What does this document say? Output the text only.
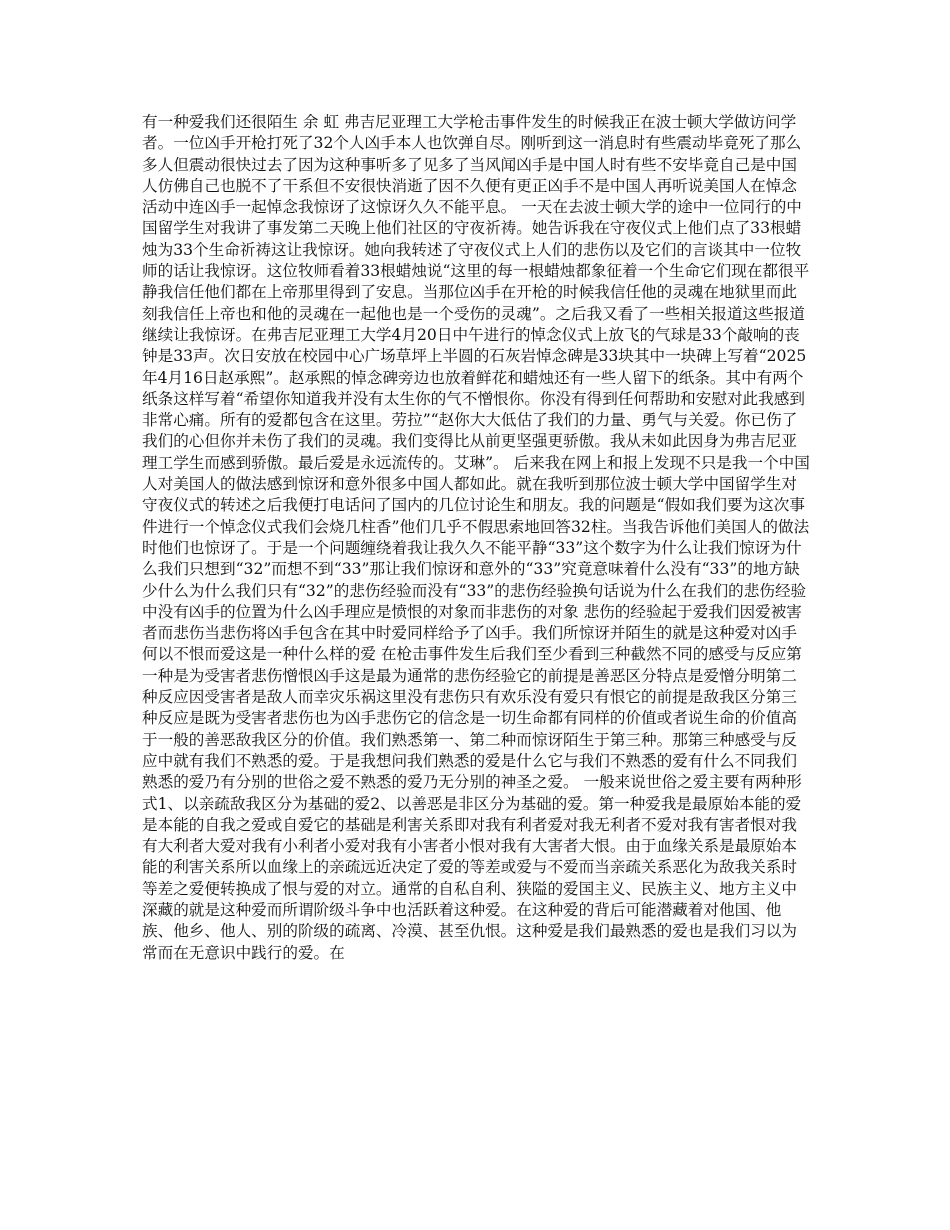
有一种爱我们还很陌生 余 虹 弗吉尼亚理工大学枪击事件发生的时候我正在波士顿大学做访问学者。一位凶手开枪打死了32个人凶手本人也饮弹自尽。刚听到这一消息时有些震动毕竟死了那么多人但震动很快过去了因为这种事听多了见多了当风闻凶手是中国人时有些不安毕竟自己是中国人仿佛自己也脱不了干系但不安很快消逝了因不久便有更正凶手不是中国人再听说美国人在悼念活动中连凶手一起悼念我惊讶了这惊讶久久不能平息。 一天在去波士顿大学的途中一位同行的中国留学生对我讲了事发第二天晚上他们社区的守夜祈祷。她告诉我在守夜仪式上他们点了33根蜡烛为33个生命祈祷这让我惊讶。她向我转述了守夜仪式上人们的悲伤以及它们的言谈其中一位牧师的话让我惊讶。这位牧师看着33根蜡烛说“这里的每一根蜡烛都象征着一个生命它们现在都很平静我信任他们都在上帝那里得到了安息。当那位凶手在开枪的时候我信任他的灵魂在地狱里而此刻我信任上帝也和他的灵魂在一起他也是一个受伤的灵魂”。之后我又看了一些相关报道这些报道继续让我惊讶。在弗吉尼亚理工大学4月20日中午进行的悼念仪式上放飞的气球是33个敲响的丧钟是33声。次日安放在校园中心广场草坪上半圆的石灰岩悼念碑是33块其中一块碑上写着“2025年4月16日赵承熙”。赵承熙的悼念碑旁边也放着鲜花和蜡烛还有一些人留下的纸条。其中有两个纸条这样写着“希望你知道我并没有太生你的气不憎恨你。你没有得到任何帮助和安慰对此我感到非常心痛。所有的爱都包含在这里。劳拉”“赵你大大低估了我们的力量、勇气与关爱。你已伤了我们的心但你并未伤了我们的灵魂。我们变得比从前更坚强更骄傲。我从未如此因身为弗吉尼亚理工学生而感到骄傲。最后爱是永远流传的。艾琳”。 后来我在网上和报上发现不只是我一个中国人对美国人的做法感到惊讶和意外很多中国人都如此。就在我听到那位波士顿大学中国留学生对守夜仪式的转述之后我便打电话问了国内的几位讨论生和朋友。我的问题是“假如我们要为这次事件进行一个悼念仪式我们会烧几柱香”他们几乎不假思索地回答32柱。当我告诉他们美国人的做法时他们也惊讶了。于是一个问题缠绕着我让我久久不能平静“33”这个数字为什么让我们惊讶为什么我们只想到“32”而想不到“33”那让我们惊讶和意外的“33”究竟意味着什么没有“33”的地方缺少什么为什么我们只有“32”的悲伤经验而没有“33”的悲伤经验换句话说为什么在我们的悲伤经验中没有凶手的位置为什么凶手理应是愤恨的对象而非悲伤的对象 悲伤的经验起于爱我们因爱被害者而悲伤当悲伤将凶手包含在其中时爱同样给予了凶手。我们所惊讶并陌生的就是这种爱对凶手何以不恨而爱这是一种什么样的爱 在枪击事件发生后我们至少看到三种截然不同的感受与反应第一种是为受害者悲伤憎恨凶手这是最为通常的悲伤经验它的前提是善恶区分特点是爱憎分明第二种反应因受害者是敌人而幸灾乐祸这里没有悲伤只有欢乐没有爱只有恨它的前提是敌我区分第三种反应是既为受害者悲伤也为凶手悲伤它的信念是一切生命都有同样的价值或者说生命的价值高于一般的善恶敌我区分的价值。我们熟悉第一、第二种而惊讶陌生于第三种。那第三种感受与反应中就有我们不熟悉的爱。于是我想问我们熟悉的爱是什么它与我们不熟悉的爱有什么不同我们熟悉的爱乃有分别的世俗之爱不熟悉的爱乃无分别的神圣之爱。 一般来说世俗之爱主要有两种形式1、以亲疏敌我区分为基础的爱2、以善恶是非区分为基础的爱。第一种爱我是最原始本能的爱是本能的自我之爱或自爱它的基础是利害关系即对我有利者爱对我无利者不爱对我有害者恨对我有大利者大爱对我有小利者小爱对我有小害者小恨对我有大害者大恨。由于血缘关系是最原始本能的利害关系所以血缘上的亲疏远近决定了爱的等差或爱与不爱而当亲疏关系恶化为敌我关系时等差之爱便转换成了恨与爱的对立。通常的自私自利、狭隘的爱国主义、民族主义、地方主义中深藏的就是这种爱而所谓阶级斗争中也活跃着这种爱。在这种爱的背后可能潜藏着对他国、他族、他乡、他人、别的阶级的疏离、冷漠、甚至仇恨。这种爱是我们最熟悉的爱也是我们习以为常而在无意识中践行的爱。在
